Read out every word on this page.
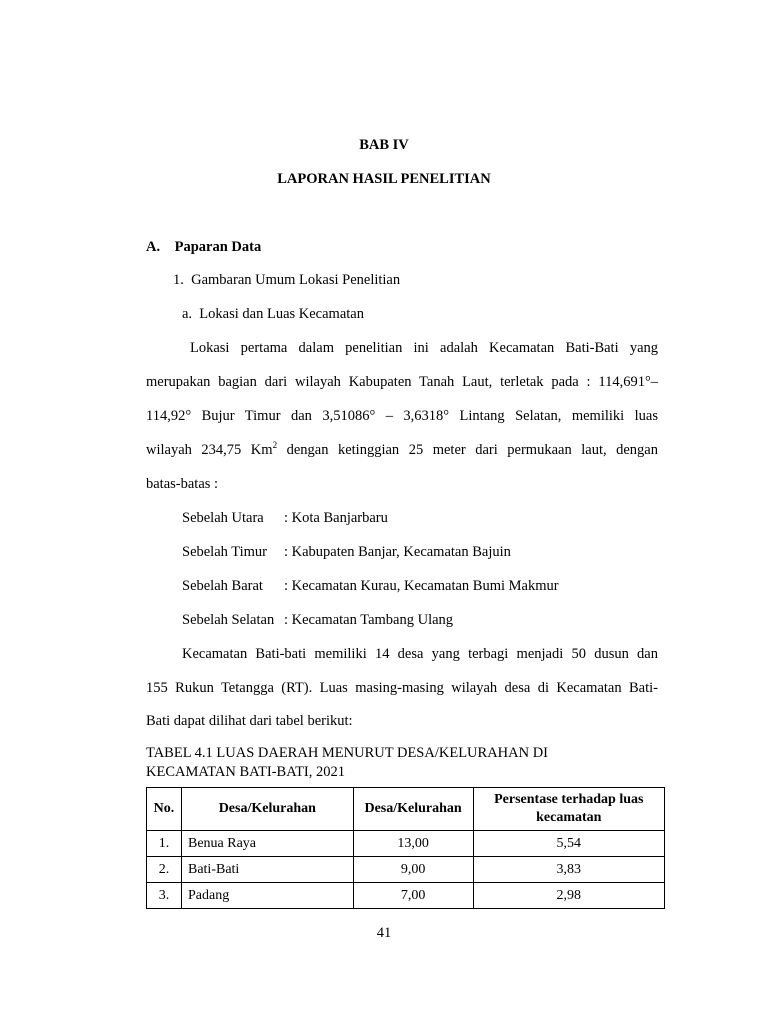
BAB IV
LAPORAN HASIL PENELITIAN
A. Paparan Data
1. Gambaran Umum Lokasi Penelitian
a. Lokasi dan Luas Kecamatan
Lokasi pertama dalam penelitian ini adalah Kecamatan Bati-Bati yang
merupakan bagian dari wilayah Kabupaten Tanah Laut, terletak pada : 114,691°–
114,92° Bujur Timur dan 3,51086° – 3,6318° Lintang Selatan, memiliki luas
wilayah 234,75 Km$^2$ dengan ketinggian 25 meter dari permukaan laut, dengan
batas-batas :
Sebelah Utara : Kota Banjarbaru
Sebelah Timur : Kabupaten Banjar, Kecamatan Bajuin
Sebelah Barat : Kecamatan Kurau, Kecamatan Bumi Makmur
Sebelah Selatan : Kecamatan Tambang Ulang
Kecamatan Bati-bati memiliki 14 desa yang terbagi menjadi 50 dusun dan
155 Rukun Tetangga (RT). Luas masing-masing wilayah desa di Kecamatan Bati-
Bati dapat dilihat dari tabel berikut:
TABEL 4.1 LUAS DAERAH MENURUT DESA/KELURAHAN DI
KECAMATAN BATI-BATI, 2021
No.	Desa/Kelurahan	Desa/Kelurahan	Persentase terhadap luas kecamatan
1.	Benua Raya	13,00	5,54
2.	Bati-Bati	9,00	3,83
3.	Padang	7,00	2,98
41
